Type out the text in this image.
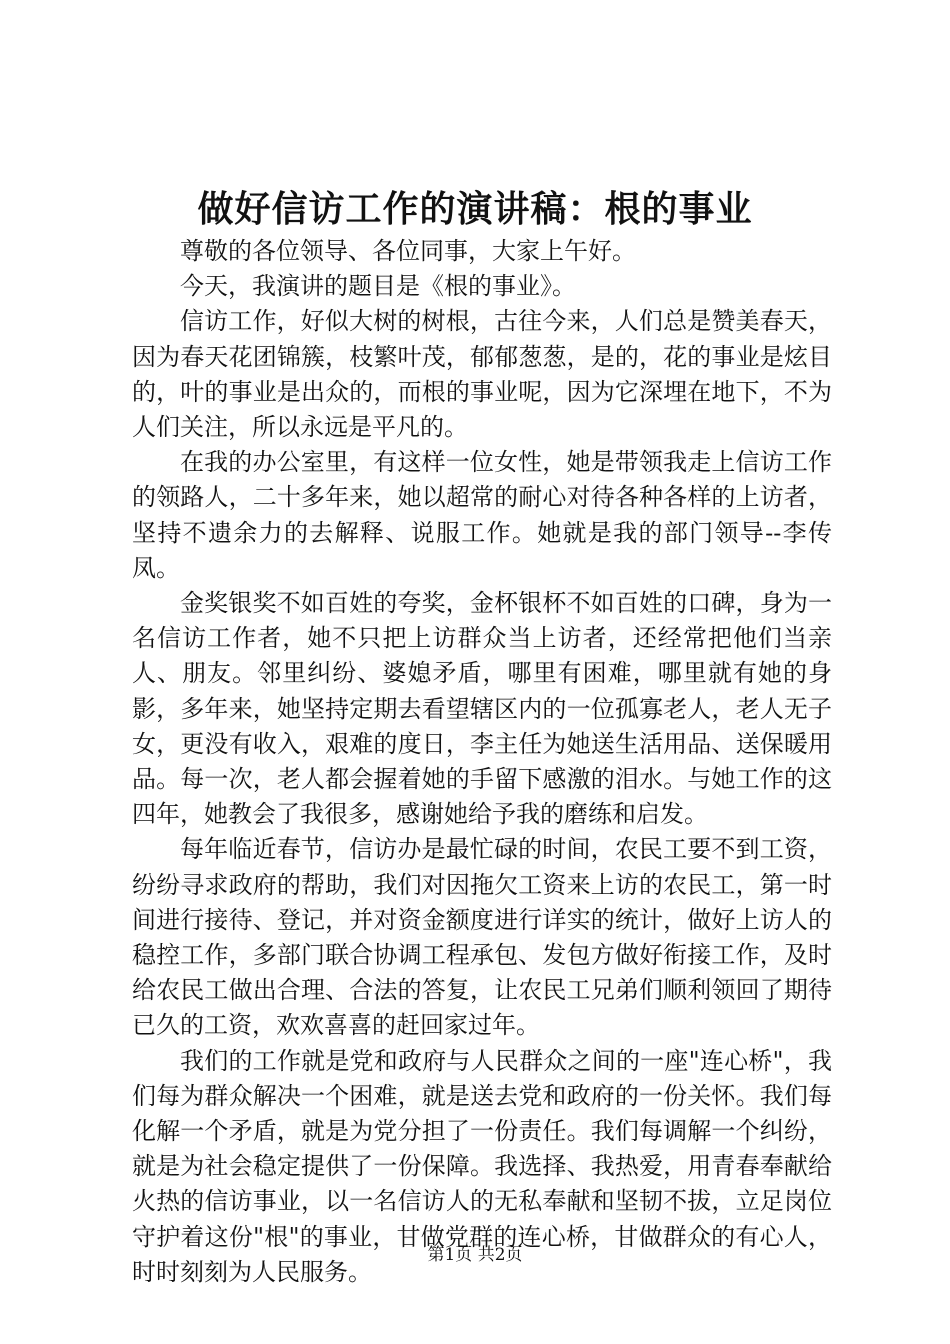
做好信访工作的演讲稿：根的事业

尊敬的各位领导、各位同事，大家上午好。

今天，我演讲的题目是《根的事业》。

信访工作，好似大树的树根，古往今来，人们总是赞美春天，因为春天花团锦簇，枝繁叶茂，郁郁葱葱，是的，花的事业是炫目的，叶的事业是出众的，而根的事业呢，因为它深埋在地下，不为人们关注，所以永远是平凡的。

在我的办公室里，有这样一位女性，她是带领我走上信访工作的领路人，二十多年来，她以超常的耐心对待各种各样的上访者，坚持不遗余力的去解释、说服工作。她就是我的部门领导--李传凤。

金奖银奖不如百姓的夸奖，金杯银杯不如百姓的口碑，身为一名信访工作者，她不只把上访群众当上访者，还经常把他们当亲人、朋友。邻里纠纷、婆媳矛盾，哪里有困难，哪里就有她的身影，多年来，她坚持定期去看望辖区内的一位孤寡老人，老人无子女，更没有收入，艰难的度日，李主任为她送生活用品、送保暖用品。每一次，老人都会握着她的手留下感激的泪水。与她工作的这四年，她教会了我很多，感谢她给予我的磨练和启发。

每年临近春节，信访办是最忙碌的时间，农民工要不到工资，纷纷寻求政府的帮助，我们对因拖欠工资来上访的农民工，第一时间进行接待、登记，并对资金额度进行详实的统计，做好上访人的稳控工作，多部门联合协调工程承包、发包方做好衔接工作，及时给农民工做出合理、合法的答复，让农民工兄弟们顺利领回了期待已久的工资，欢欢喜喜的赶回家过年。

我们的工作就是党和政府与人民群众之间的一座"连心桥"，我们每为群众解决一个困难，就是送去党和政府的一份关怀。我们每化解一个矛盾，就是为党分担了一份责任。我们每调解一个纠纷，就是为社会稳定提供了一份保障。我选择、我热爱，用青春奉献给火热的信访事业，以一名信访人的无私奉献和坚韧不拔，立足岗位守护着这份"根"的事业，甘做党群的连心桥，甘做群众的有心人，时时刻刻为人民服务。

第1页 共2页
